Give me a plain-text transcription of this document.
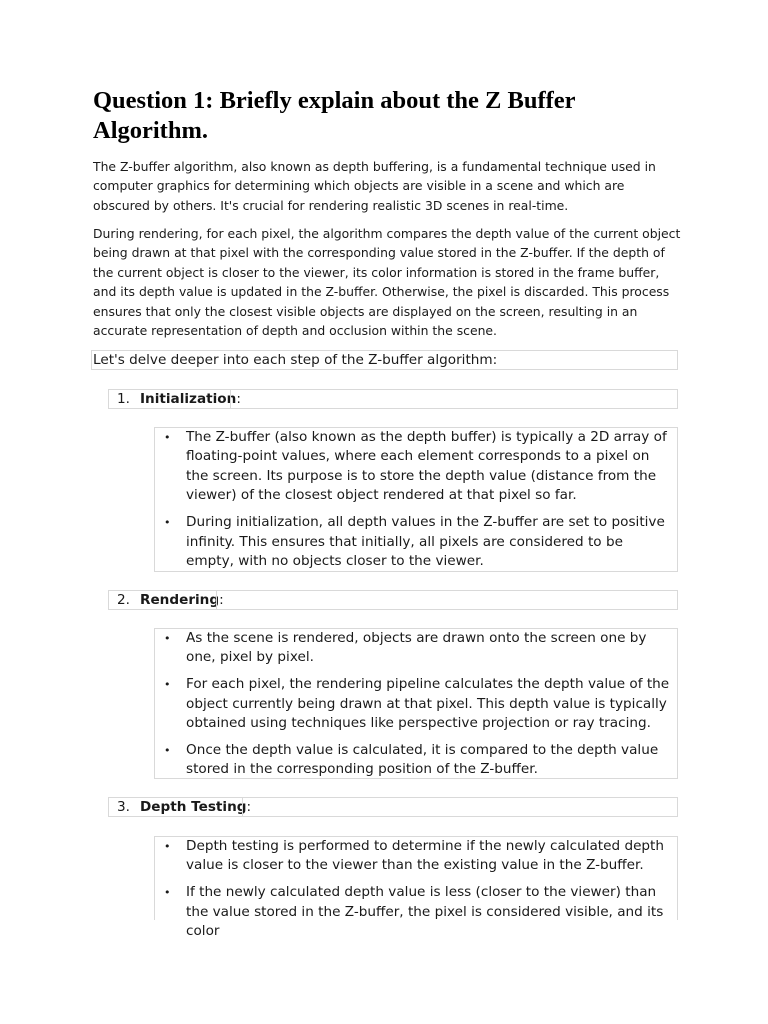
Question 1: Briefly explain about the Z Buffer Algorithm.

The Z-buffer algorithm, also known as depth buffering, is a fundamental technique used in computer graphics for determining which objects are visible in a scene and which are obscured by others. It's crucial for rendering realistic 3D scenes in real-time.

During rendering, for each pixel, the algorithm compares the depth value of the current object being drawn at that pixel with the corresponding value stored in the Z-buffer. If the depth of the current object is closer to the viewer, its color information is stored in the frame buffer, and its depth value is updated in the Z-buffer. Otherwise, the pixel is discarded. This process ensures that only the closest visible objects are displayed on the screen, resulting in an accurate representation of depth and occlusion within the scene.

Let's delve deeper into each step of the Z-buffer algorithm:
1. Initialization:
• The Z-buffer (also known as the depth buffer) is typically a 2D array of floating-point values, where each element corresponds to a pixel on the screen. Its purpose is to store the depth value (distance from the viewer) of the closest object rendered at that pixel so far.
• During initialization, all depth values in the Z-buffer are set to positive infinity. This ensures that initially, all pixels are considered to be empty, with no objects closer to the viewer.
2. Rendering:
• As the scene is rendered, objects are drawn onto the screen one by one, pixel by pixel.
• For each pixel, the rendering pipeline calculates the depth value of the object currently being drawn at that pixel. This depth value is typically obtained using techniques like perspective projection or ray tracing.
• Once the depth value is calculated, it is compared to the depth value stored in the corresponding position of the Z-buffer.
3. Depth Testing:
• Depth testing is performed to determine if the newly calculated depth value is closer to the viewer than the existing value in the Z-buffer.
• If the newly calculated depth value is less (closer to the viewer) than the value stored in the Z-buffer, the pixel is considered visible, and its color
